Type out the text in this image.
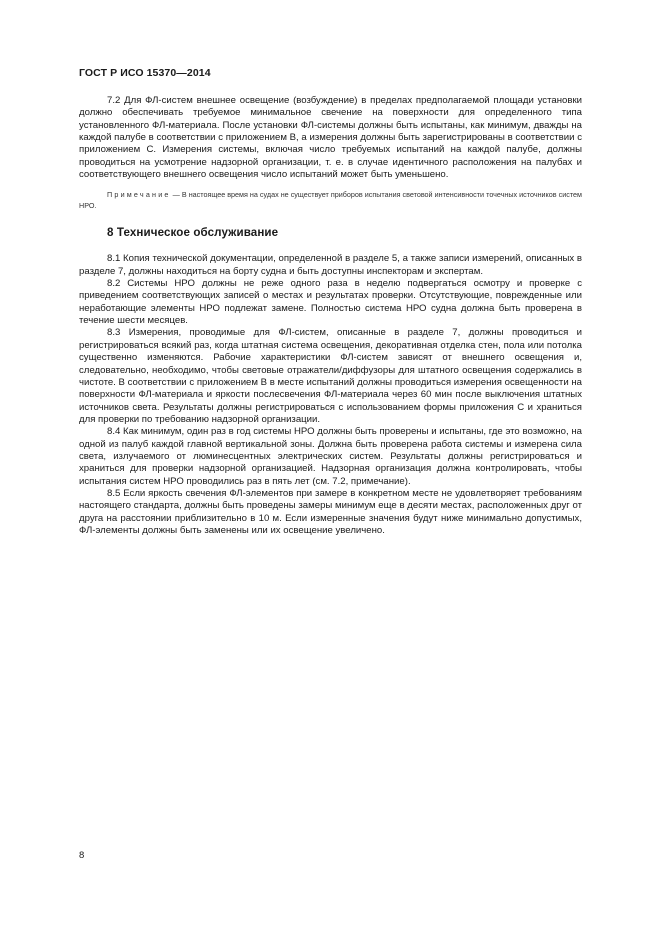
ГОСТ Р ИСО 15370—2014

7.2 Для ФЛ-систем внешнее освещение (возбуждение) в пределах предполагаемой площади установки должно обеспечивать требуемое минимальное свечение на поверхности для определенного типа установленного ФЛ-материала. После установки ФЛ-системы должны быть испытаны, как минимум, дважды на каждой палубе в соответствии с приложением В, а измерения должны быть зарегистрированы в соответствии с приложением С. Измерения системы, включая число требуемых испытаний на каждой палубе, должны проводиться на усмотрение надзорной организации, т. е. в случае идентичного расположения на палубах и соответствующего внешнего освещения число испытаний может быть уменьшено.

Примечание — В настоящее время на судах не существует приборов испытания световой интенсивности точечных источников систем НРО.

8 Техническое обслуживание

8.1 Копия технической документации, определенной в разделе 5, а также записи измерений, описанных в разделе 7, должны находиться на борту судна и быть доступны инспекторам и экспертам.

8.2 Системы НРО должны не реже одного раза в неделю подвергаться осмотру и проверке с приведением соответствующих записей о местах и результатах проверки. Отсутствующие, поврежденные или неработающие элементы НРО подлежат замене. Полностью система НРО судна должна быть проверена в течение шести месяцев.

8.3 Измерения, проводимые для ФЛ-систем, описанные в разделе 7, должны проводиться и регистрироваться всякий раз, когда штатная система освещения, декоративная отделка стен, пола или потолка существенно изменяются. Рабочие характеристики ФЛ-систем зависят от внешнего освещения и, следовательно, необходимо, чтобы световые отражатели/диффузоры для штатного освещения содержались в чистоте. В соответствии с приложением В в месте испытаний должны проводиться измерения освещенности на поверхности ФЛ-материала и яркости послесвечения ФЛ-материала через 60 мин после выключения штатных источников света. Результаты должны регистрироваться с использованием формы приложения С и храниться для проверки по требованию надзорной организации.

8.4 Как минимум, один раз в год системы НРО должны быть проверены и испытаны, где это возможно, на одной из палуб каждой главной вертикальной зоны. Должна быть проверена работа системы и измерена сила света, излучаемого от люминесцентных электрических систем. Результаты должны регистрироваться и храниться для проверки надзорной организацией. Надзорная организация должна контролировать, чтобы испытания систем НРО проводились раз в пять лет (см. 7.2, примечание).

8.5 Если яркость свечения ФЛ-элементов при замере в конкретном месте не удовлетворяет требованиям настоящего стандарта, должны быть проведены замеры минимум еще в десяти местах, расположенных друг от друга на расстоянии приблизительно в 10 м. Если измеренные значения будут ниже минимально допустимых, ФЛ-элементы должны быть заменены или их освещение увеличено.

8
